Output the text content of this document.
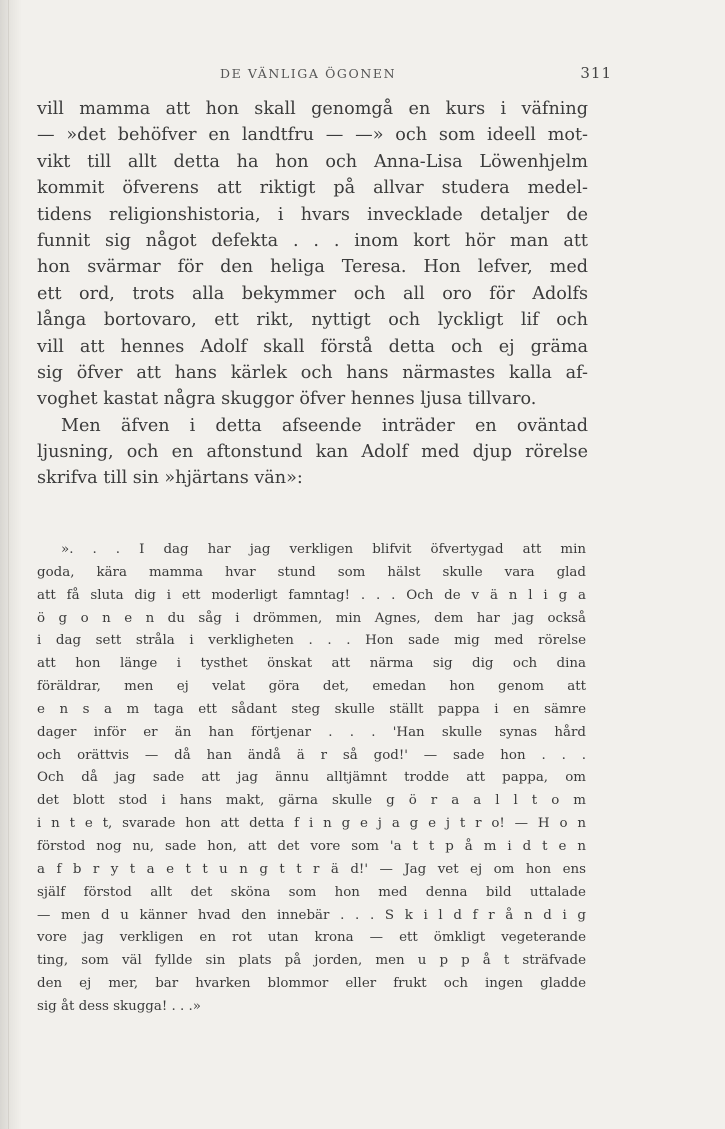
DE VÄNLIGA ÖGONEN	311
vill mamma att hon skall genomgå en kurs i väfning
— »det behöfver en landtfru — —» och som ideell mot-
vikt till allt detta ha hon och Anna-Lisa Löwenhjelm
kommit öfverens att riktigt på allvar studera medel-
tidens religionshistoria, i hvars invecklade detaljer de
funnit sig något defekta . . . inom kort hör man att
hon svärmar för den heliga Teresa. Hon lefver, med
ett ord, trots alla bekymmer och all oro för Adolfs
långa bortovaro, ett rikt, nyttigt och lyckligt lif och
vill att hennes Adolf skall förstå detta och ej gräma
sig öfver att hans kärlek och hans närmastes kalla af-
voghet kastat några skuggor öfver hennes ljusa tillvaro.
Men äfven i detta afseende inträder en oväntad
ljusning, och en aftonstund kan Adolf med djup rörelse
skrifva till sin »hjärtans vän»:
». . . I dag har jag verkligen blifvit öfvertygad att min
goda, kära mamma hvar stund som hälst skulle vara glad
att få sluta dig i ett moderligt famntag! . . . Och de v ä n l i g a
ö g o n e n du såg i drömmen, min Agnes, dem har jag också
i dag sett stråla i verkligheten . . . Hon sade mig med rörelse
att hon länge i tysthet önskat att närma sig dig och dina
föräldrar, men ej velat göra det, emedan hon genom att
e n s a m taga ett sådant steg skulle ställt pappa i en sämre
dager inför er än han förtjenar . . . 'Han skulle synas hård
och orättvis — då han ändå ä r så god!' — sade hon . . .
Och då jag sade att jag ännu alltjämnt trodde att pappa, om
det blott stod i hans makt, gärna skulle g ö r a a l l t o m
i n t e t, svarade hon att detta f i n g e j a g e j t r o! — H o n
förstod nog nu, sade hon, att det vore som 'a t t p å m i d t e n
a f b r y t a e t t u n g t t r ä d!' — Jag vet ej om hon ens
själf förstod allt det sköna som hon med denna bild uttalade
— men d u känner hvad den innebär . . . S k i l d f r å n d i g
vore jag verkligen en rot utan krona — ett ömkligt vegeterande
ting, som väl fyllde sin plats på jorden, men u p p å t sträfvade
den ej mer, bar hvarken blommor eller frukt och ingen gladde
sig åt dess skugga! . . .»
